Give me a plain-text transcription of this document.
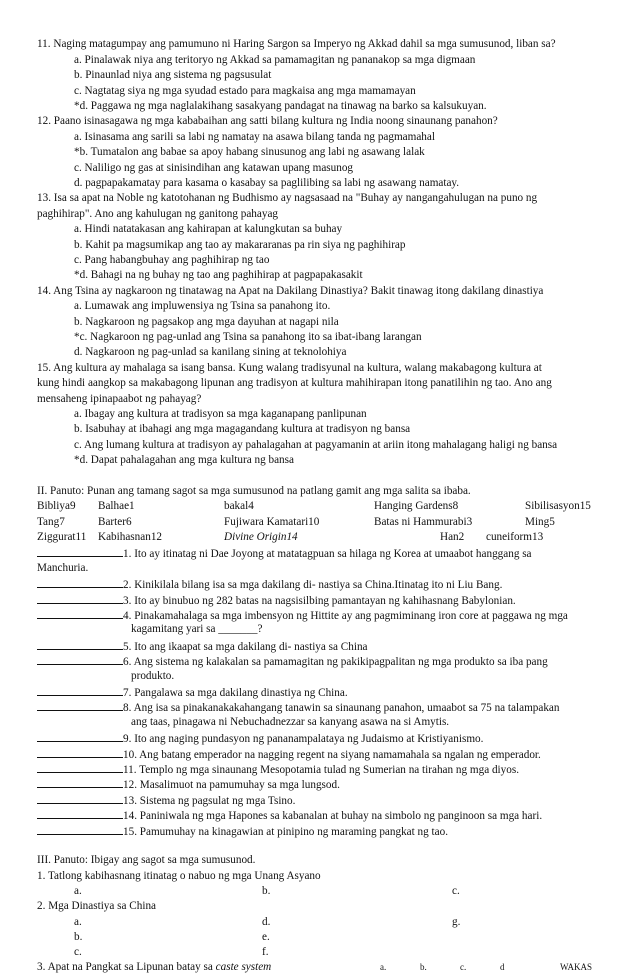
11. Naging matagumpay ang pamumuno ni Haring Sargon sa Imperyo ng Akkad dahil sa mga sumusunod, liban sa?
a. Pinalawak niya ang teritoryo ng Akkad sa pamamagitan ng pananakop sa mga digmaan
b. Pinaunlad niya ang sistema ng pagsusulat
c. Nagtatag siya ng mga syudad estado para magkaisa ang mga mamamayan
*d. Paggawa ng mga naglalakihang sasakyang pandagat na tinawag na barko sa kalsukuyan.
12. Paano isinasagawa ng mga kababaihan ang satti bilang kultura ng India noong sinaunang panahon?
a. Isinasama ang sarili sa labi ng namatay na asawa bilang tanda ng pagmamahal
*b. Tumatalon ang babae sa apoy habang sinusunog ang labi ng asawang lalak
c. Naliligo ng gas at sinisindihan ang katawan upang masunog
d. pagpapakamatay para kasama o kasabay sa paglilibing sa labi ng asawang namatay.
13. Isa sa apat na Noble ng katotohanan ng Budhismo ay nagsasaad na "Buhay ay nangangahulugan na puno ng
paghihirap". Ano ang kahulugan ng ganitong pahayag
a. Hindi natatakasan ang kahirapan at kalungkutan sa buhay
b. Kahit pa magsumikap ang tao ay makararanas pa rin siya ng paghihirap
c. Pang habangbuhay ang paghihirap ng tao
*d. Bahagi na ng buhay ng tao ang paghihirap at pagpapakasakit
14. Ang Tsina ay nagkaroon ng tinatawag na Apat na Dakilang Dinastiya? Bakit tinawag itong dakilang dinastiya
a. Lumawak ang impluwensiya ng Tsina sa panahong ito.
b. Nagkaroon ng pagsakop ang mga dayuhan at nagapi nila
*c. Nagkaroon ng pag-unlad ang Tsina sa panahong ito sa ibat-ibang larangan
d. Nagkaroon ng pag-unlad sa kanilang sining at teknolohiya
15. Ang kultura ay mahalaga sa isang bansa. Kung walang tradisyunal na kultura, walang makabagong kultura at
kung hindi aangkop sa makabagong lipunan ang tradisyon at kultura mahihirapan itong panatilihin ng tao. Ano ang
mensaheng ipinapaabot ng pahayag?
a. Ibagay ang kultura at tradisyon sa mga kaganapang panlipunan
b. Isabuhay at ibahagi ang mga magagandang kultura at tradisyon ng bansa
c. Ang lumang kultura at tradisyon ay pahalagahan at pagyamanin at ariin itong mahalagang haligi ng bansa
*d. Dapat pahalagahan ang mga kultura ng bansa
II. Panuto: Punan ang tamang sagot sa mga sumusunod na patlang gamit ang mga salita sa ibaba.
Bibliya9 Balhae1	bakal4	Hanging Gardens8	Sibilisasyon15
Tang7	Barter6	Fujiwara Kamatari10	Batas ni Hammurabi3	Ming5
Ziggurat11 Kabihasnan12	Divine Origin14	Han2 cuneiform13
1. Ito ay itinatag ni Dae Joyong at matatagpuan sa hilaga ng Korea at umaabot hanggang sa
Manchuria.
2. Kinikilala bilang isa sa mga dakilang di- nastiya sa China.Itinatag ito ni Liu Bang.
3. Ito ay binubuo ng 282 batas na nagsisilbing pamantayan ng kahihasnang Babylonian.
4. Pinakamahalaga sa mga imbensyon ng Hittite ay ang pagmiminang iron core at paggawa ng mga
kagamitang yari sa _______?
5. Ito ang ikaapat sa mga dakilang di- nastiya sa China
6. Ang sistema ng kalakalan sa pamamagitan ng pakikipagpalitan ng mga produkto sa iba pang
produkto.
7. Pangalawa sa mga dakilang dinastiya ng China.
8. Ang isa sa pinakanakakahangang tanawin sa sinaunang panahon, umaabot sa 75 na talampakan
ang taas, pinagawa ni Nebuchadnezzar sa kanyang asawa na si Amytis.
9. Ito ang naging pundasyon ng pananampalataya ng Judaismo at Kristiyanismo.
10. Ang batang emperador na nagging regent na siyang namamahala sa ngalan ng emperador.
11. Templo ng mga sinaunang Mesopotamia tulad ng Sumerian na tirahan ng mga diyos.
12. Masalimuot na pamumuhay sa mga lungsod.
13. Sistema ng pagsulat ng mga Tsino.
14. Paniniwala ng mga Hapones sa kabanalan at buhay na simbolo ng panginoon sa mga hari.
15. Pamumuhay na kinagawian at pinipino ng maraming pangkat ng tao.
III. Panuto: Ibigay ang sagot sa mga sumusunod.
1. Tatlong kabihasnang itinatag o nabuo ng mga Unang Asyano
a.	b.	c.
2. Mga Dinastiya sa China
a.
b.
c.
d.
e.
f.
g.
3. Apat na Pangkat sa Lipunan batay sa caste system	a.	b.	c.	d	WAKAS
